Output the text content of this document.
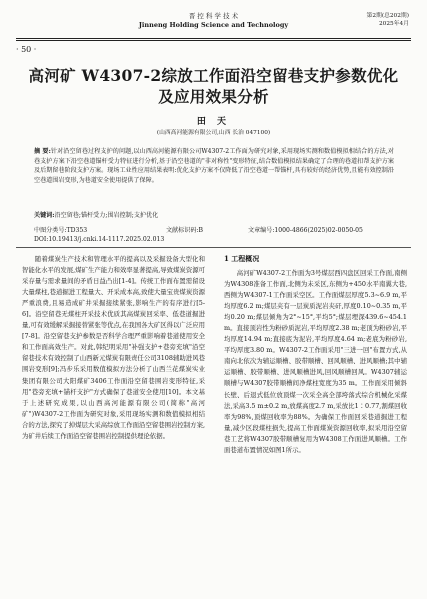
晋 控 科 学 技 术
Jinneng Holding Science and Technology
第2期(总202期)
2025年4月
· 50 ·
高河矿 W4307-2综放工作面沿空留巷支护参数优化
及应用效果分析
田 天
(山西高河能源有限公司,山西 长治 047100)
摘 要:针对沿空留巷过程支护的问题,以山西高河能源有限公司W4307-2工作面为研究对象,采用现场实测和数值模拟相结合的方法,对巷支护方案下沿空巷道锚杆受力特征进行分析,基于沿空巷道的"非对称性"变形特征,结合数值模拟结果确定了合理的巷道扣帮支护方案及后期留巷阶段支护方案。现场工业性应用结果表明:优化支护方案不仅降低了沿空巷道一帮锚杆,具有较好的经济优势,且能有效控制沿空巷道围岩变形,为巷道安全使用提供了保障。
关键词:沿空留巷;锚杆受力;围岩控制;支护优化
中图分类号:TD353	文献标识码:B	文章编号:1000-4866(2025)02-0050-05
DOI:10.19413/j.cnki.14-1117.2025.02.013

随着煤炭生产技术和管理水平的提高以及采掘设备大型化和智能化水平的发展,煤矿生产能力和效率显著提高,导致煤炭资源可采存量与需求量间的矛盾日益凸出[1-4]。传统工作面布置需留设大量煤柱,巷道掘进工程量大、开采成本高,致使大量宝贵煤炭资源严重浪费,且易造成矿井采掘接续紧张,影响生产的有序进行[5-6]。沿空留巷无煤柱开采技术优质其高煤炭回采率、低巷道掘进量,可有效缓解采掘接替紧张等优点,在我国各大矿区得以广泛应用[7-8]。沿空留巷支护参数是否科学合理严重影响着巷道使用安全和工作面高效生产。对此,韩纪明采用"补强支护+巷旁充填"沿空留巷技术有效控制了山西新元煤炭有限责任公司3108辅助进风巷围岩变形[9];冯步乐采用数值模拟方法分析了山西兰花煤炭实业集团有限公司大阳煤矿3406工作面沿空留巷围岩变形特征,采用"巷旁充填+锚杆支护"方式确保了巷道安全使用[10]。本文基于上述研究成果,以山西高河能源有限公司(简称"高河矿")W4307-2工作面为研究对象,采用现场实测和数值模拟相结合的方法,探究了掉煤层大采高综放工作面沿空留巷围岩控制方案,为矿井后续工作面沿空留巷围岩控制提供理论依据。

1 工程概况

高河矿W4307-2工作面为3号煤层西四盘区回采工作面,南侧为W4308准备工作面,北侧为未采区,东侧为+450水平南翼大巷,西侧为W4307-1工作面采空区。工作面煤层厚度5.3~6.9 m,平均厚度6.2 m;煤层夹有一层炭质泥岩夹矸,厚度0.10~0.35 m,平均0.20 m;煤层倾角为2°~15°,平均5°;煤层埋深439.6~454.1 m。直接顶岩性为粉砂质泥岩,平均厚度2.38 m;老顶为粉砂岩,平均厚度14.94 m;直接底为泥岩,平均厚度4.64 m;老底为粉砂岩,平均厚度3.80 m。W4307-2工作面采用"三进一回"布置方式,从南向北依次为辅运顺槽、胶带顺槽、回风顺槽、进风顺槽;其中辅运顺槽、胶带顺槽、进风顺槽进风,回风顺槽回风。W4307辅运顺槽与W4307胶带顺槽间净煤柱宽度为35 m。工作面采用倾斜长壁、后退式低位放顶煤一次采全高全部垮落式综合机械化采煤法,采高3.5 m±0.2 m,放煤高度2.7 m,采放比1∶0.77,割煤回收率为98%,顶煤回收率为88%。为确保工作面回采巷道掘进工程量,减少区段煤柱损失,提高工作面煤炭资源回收率,拟采用沿空留巷工艺将W4307胶带顺槽复用为W4308工作面进风顺槽。工作面巷道布置情况如图1所示。
